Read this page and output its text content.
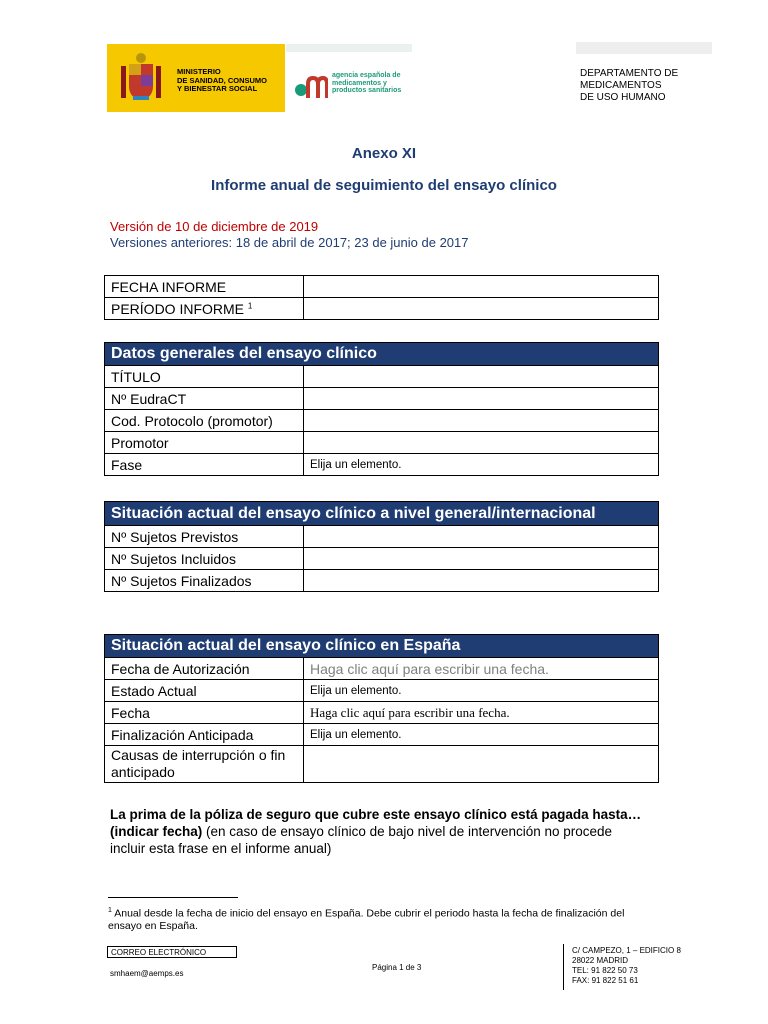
MINISTERIO
DE SANIDAD, CONSUMO
Y BIENESTAR SOCIAL
agencia española de
medicamentos y
productos sanitarios
DEPARTAMENTO DE
MEDICAMENTOS
DE USO HUMANO
Anexo XI
Informe anual de seguimiento del ensayo clínico
Versión de 10 de diciembre de 2019
Versiones anteriores: 18 de abril de 2017; 23 de junio de 2017
FECHA INFORME	
PERÍODO INFORME $^1$	
Datos generales del ensayo clínico	
TÍTULO	
Nº EudraCT	
Cod. Protocolo (promotor)	
Promotor	
Fase	Elija un elemento.
Situación actual del ensayo clínico a nivel general/internacional	
Nº Sujetos Previstos	
Nº Sujetos Incluidos	
Nº Sujetos Finalizados	
Situación actual del ensayo clínico en España	
Fecha de Autorización	Haga clic aquí para escribir una fecha.
Estado Actual	Elija un elemento.
Fecha	Haga clic aquí para escribir una fecha.
Finalización Anticipada	Elija un elemento.
Causas de interrupción o fin anticipado	
La prima de la póliza de seguro que cubre este ensayo clínico está pagada hasta…(indicar fecha) (en caso de ensayo clínico de bajo nivel de intervención no procede incluir esta frase en el informe anual)
$^1$ Anual desde la fecha de inicio del ensayo en España. Debe cubrir el periodo hasta la fecha de finalización del ensayo en España.
CORREO ELECTRÓNICO
smhaem@aemps.es
Página 1 de 3
C/ CAMPEZO, 1 – EDIFICIO 8
28022 MADRID
TEL: 91 822 50 73
FAX: 91 822 51 61
